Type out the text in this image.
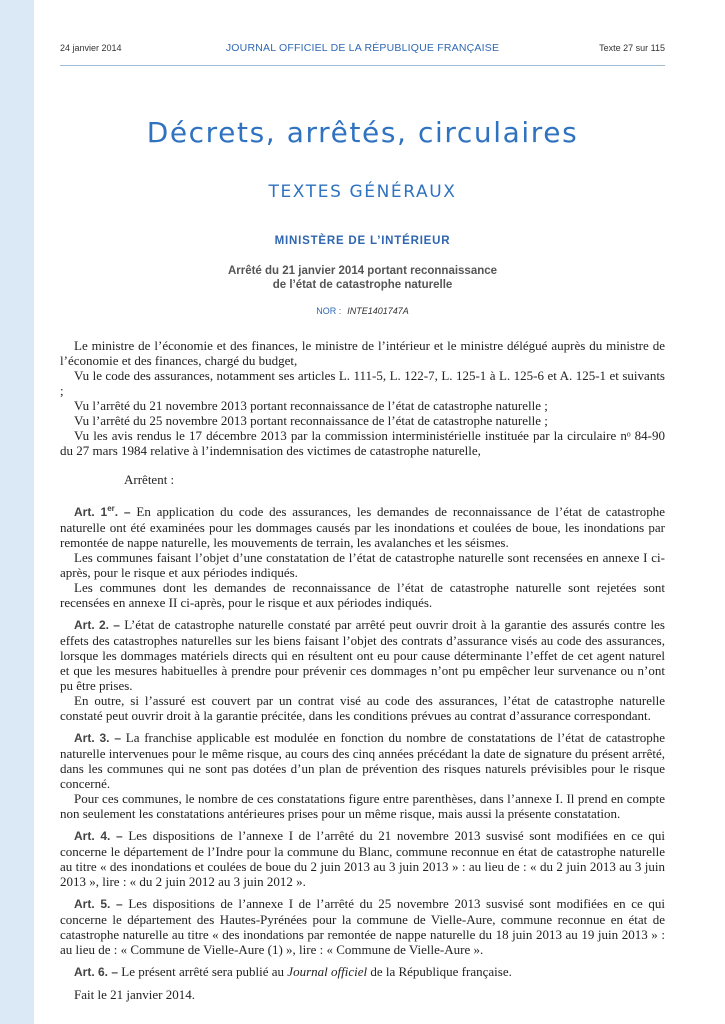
24 janvier 2014	JOURNAL OFFICIEL DE LA RÉPUBLIQUE FRANÇAISE	Texte 27 sur 115
Décrets, arrêtés, circulaires
TEXTES GÉNÉRAUX
MINISTÈRE DE L’INTÉRIEUR
Arrêté du 21 janvier 2014 portant reconnaissance
de l’état de catastrophe naturelle
NOR : INTE1401747A

Le ministre de l’économie et des finances, le ministre de l’intérieur et le ministre délégué auprès du ministre de l’économie et des finances, chargé du budget,

Vu le code des assurances, notamment ses articles L. 111-5, L. 122-7, L. 125-1 à L. 125-6 et A. 125-1 et suivants ;

Vu l’arrêté du 21 novembre 2013 portant reconnaissance de l’état de catastrophe naturelle ;

Vu l’arrêté du 25 novembre 2013 portant reconnaissance de l’état de catastrophe naturelle ;

Vu les avis rendus le 17 décembre 2013 par la commission interministérielle instituée par la circulaire nᵒ 84-90 du 27 mars 1984 relative à l’indemnisation des victimes de catastrophe naturelle,

Arrêtent :

Art. 1er. – En application du code des assurances, les demandes de reconnaissance de l’état de catastrophe naturelle ont été examinées pour les dommages causés par les inondations et coulées de boue, les inondations par remontée de nappe naturelle, les mouvements de terrain, les avalanches et les séismes.

Les communes faisant l’objet d’une constatation de l’état de catastrophe naturelle sont recensées en annexe I ci-après, pour le risque et aux périodes indiqués.

Les communes dont les demandes de reconnaissance de l’état de catastrophe naturelle sont rejetées sont recensées en annexe II ci-après, pour le risque et aux périodes indiqués.

Art. 2. – L’état de catastrophe naturelle constaté par arrêté peut ouvrir droit à la garantie des assurés contre les effets des catastrophes naturelles sur les biens faisant l’objet des contrats d’assurance visés au code des assurances, lorsque les dommages matériels directs qui en résultent ont eu pour cause déterminante l’effet de cet agent naturel et que les mesures habituelles à prendre pour prévenir ces dommages n’ont pu empêcher leur survenance ou n’ont pu être prises.

En outre, si l’assuré est couvert par un contrat visé au code des assurances, l’état de catastrophe naturelle constaté peut ouvrir droit à la garantie précitée, dans les conditions prévues au contrat d’assurance correspondant.

Art. 3. – La franchise applicable est modulée en fonction du nombre de constatations de l’état de catastrophe naturelle intervenues pour le même risque, au cours des cinq années précédant la date de signature du présent arrêté, dans les communes qui ne sont pas dotées d’un plan de prévention des risques naturels prévisibles pour le risque concerné.

Pour ces communes, le nombre de ces constatations figure entre parenthèses, dans l’annexe I. Il prend en compte non seulement les constatations antérieures prises pour un même risque, mais aussi la présente constatation.

Art. 4. – Les dispositions de l’annexe I de l’arrêté du 21 novembre 2013 susvisé sont modifiées en ce qui concerne le département de l’Indre pour la commune du Blanc, commune reconnue en état de catastrophe naturelle au titre « des inondations et coulées de boue du 2 juin 2013 au 3 juin 2013 » : au lieu de : « du 2 juin 2013 au 3 juin 2013 », lire : « du 2 juin 2012 au 3 juin 2012 ».

Art. 5. – Les dispositions de l’annexe I de l’arrêté du 25 novembre 2013 susvisé sont modifiées en ce qui concerne le département des Hautes-Pyrénées pour la commune de Vielle-Aure, commune reconnue en état de catastrophe naturelle au titre « des inondations par remontée de nappe naturelle du 18 juin 2013 au 19 juin 2013 » : au lieu de : « Commune de Vielle-Aure (1) », lire : « Commune de Vielle-Aure ».

Art. 6. – Le présent arrêté sera publié au Journal officiel de la République française.

Fait le 21 janvier 2014.
